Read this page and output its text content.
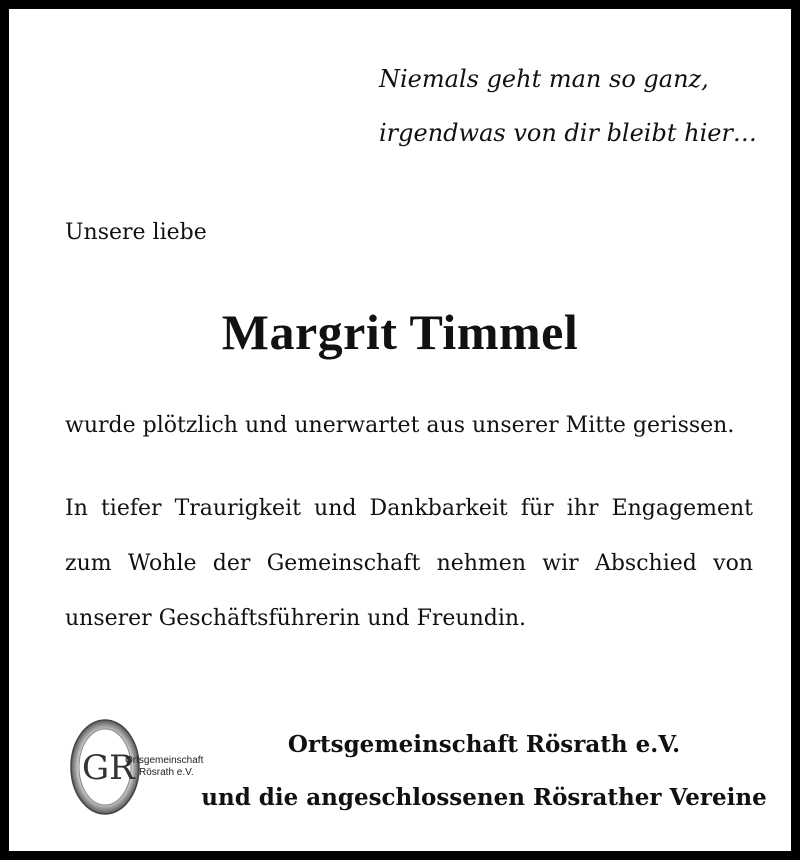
Niemals geht man so ganz,
irgendwas von dir bleibt hier…
Unsere liebe
Margrit Timmel
wurde plötzlich und unerwartet aus unserer Mitte gerissen.
In tiefer Traurigkeit und Dankbarkeit für ihr Engagement
zum Wohle der Gemeinschaft nehmen wir Abschied von
unserer Geschäftsführerin und Freundin.
GR
Ortsgemeinschaft
Rösrath e.V.
Ortsgemeinschaft Rösrath e.V.
und die angeschlossenen Rösrather Vereine
